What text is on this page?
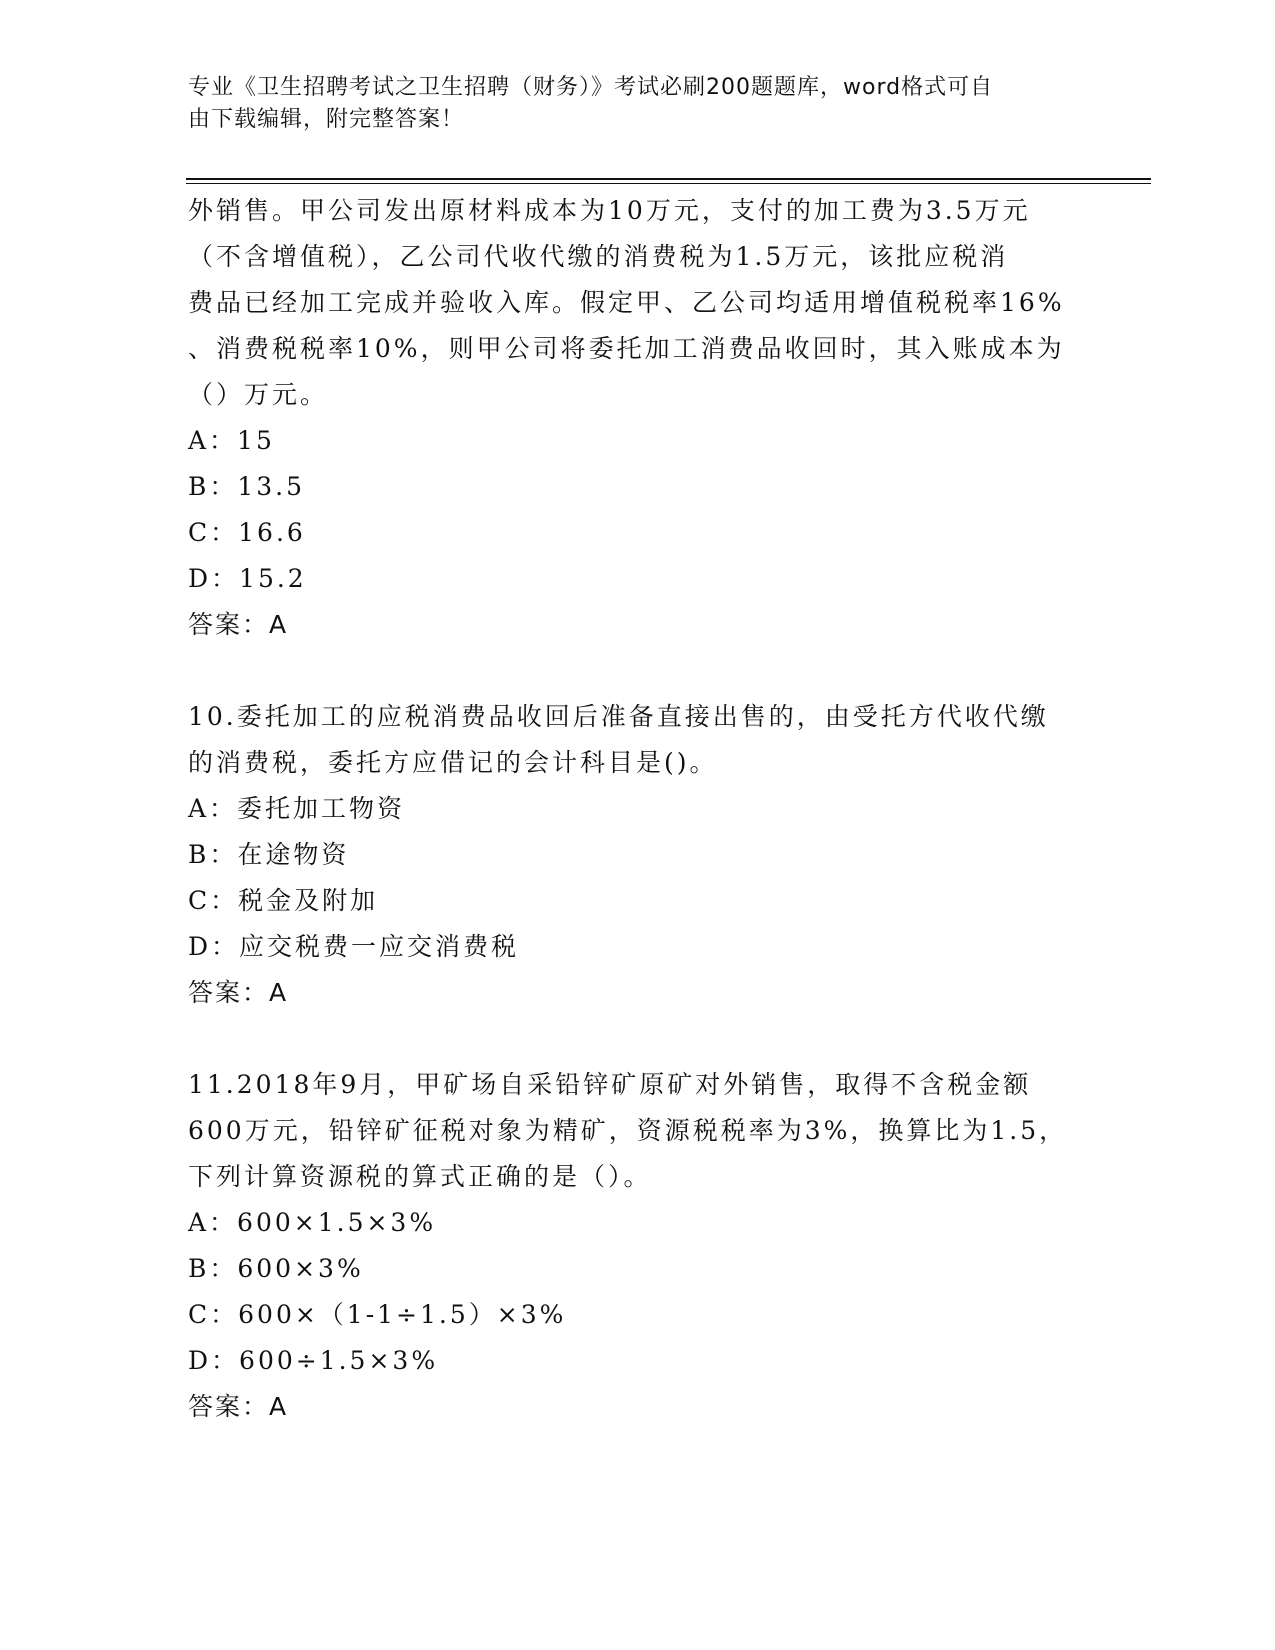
专业《卫生招聘考试之卫生招聘（财务）》考试必刷200题题库，word格式可自
由下载编辑，附完整答案！

外销售。甲公司发出原材料成本为10万元，支付的加工费为3.5万元

（不含增值税），乙公司代收代缴的消费税为1.5万元，该批应税消

费品已经加工完成并验收入库。假定甲、乙公司均适用增值税税率16%

、消费税税率10%，则甲公司将委托加工消费品收回时，其入账成本为

（）万元。

A：15

B：13.5

C：16.6

D：15.2

答案：A

10.委托加工的应税消费品收回后准备直接出售的，由受托方代收代缴

的消费税，委托方应借记的会计科目是()。

A：委托加工物资

B：在途物资

C：税金及附加

D：应交税费一应交消费税

答案：A

11.2018年9月，甲矿场自采铅锌矿原矿对外销售，取得不含税金额

600万元，铅锌矿征税对象为精矿，资源税税率为3%，换算比为1.5，

下列计算资源税的算式正确的是（）。

A：600×1.5×3%

B：600×3%

C：600×（1-1÷1.5）×3%

D：600÷1.5×3%

答案：A
